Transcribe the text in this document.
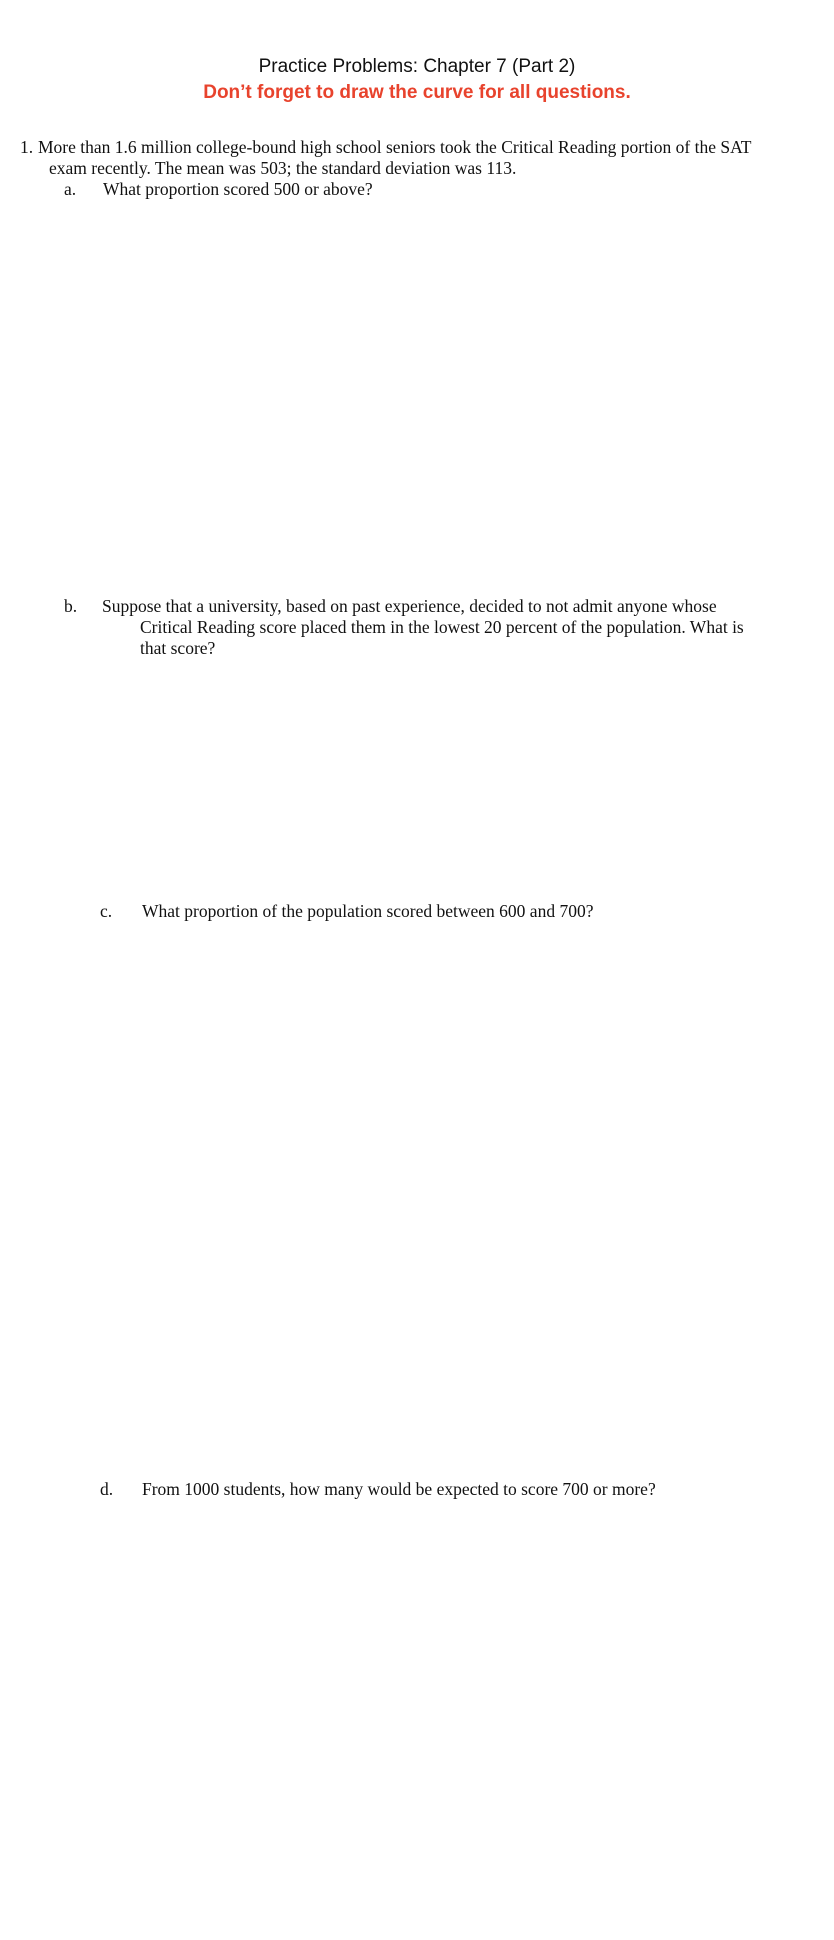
Practice Problems: Chapter 7 (Part 2)
Don’t forget to draw the curve for all questions.
1. More than 1.6 million college-bound high school seniors took the Critical Reading portion of the SAT
exam recently. The mean was 503; the standard deviation was 113.
a. What proportion scored 500 or above?
b. Suppose that a university, based on past experience, decided to not admit anyone whose
Critical Reading score placed them in the lowest 20 percent of the population. What is
that score?
c. What proportion of the population scored between 600 and 700?
d. From 1000 students, how many would be expected to score 700 or more?
